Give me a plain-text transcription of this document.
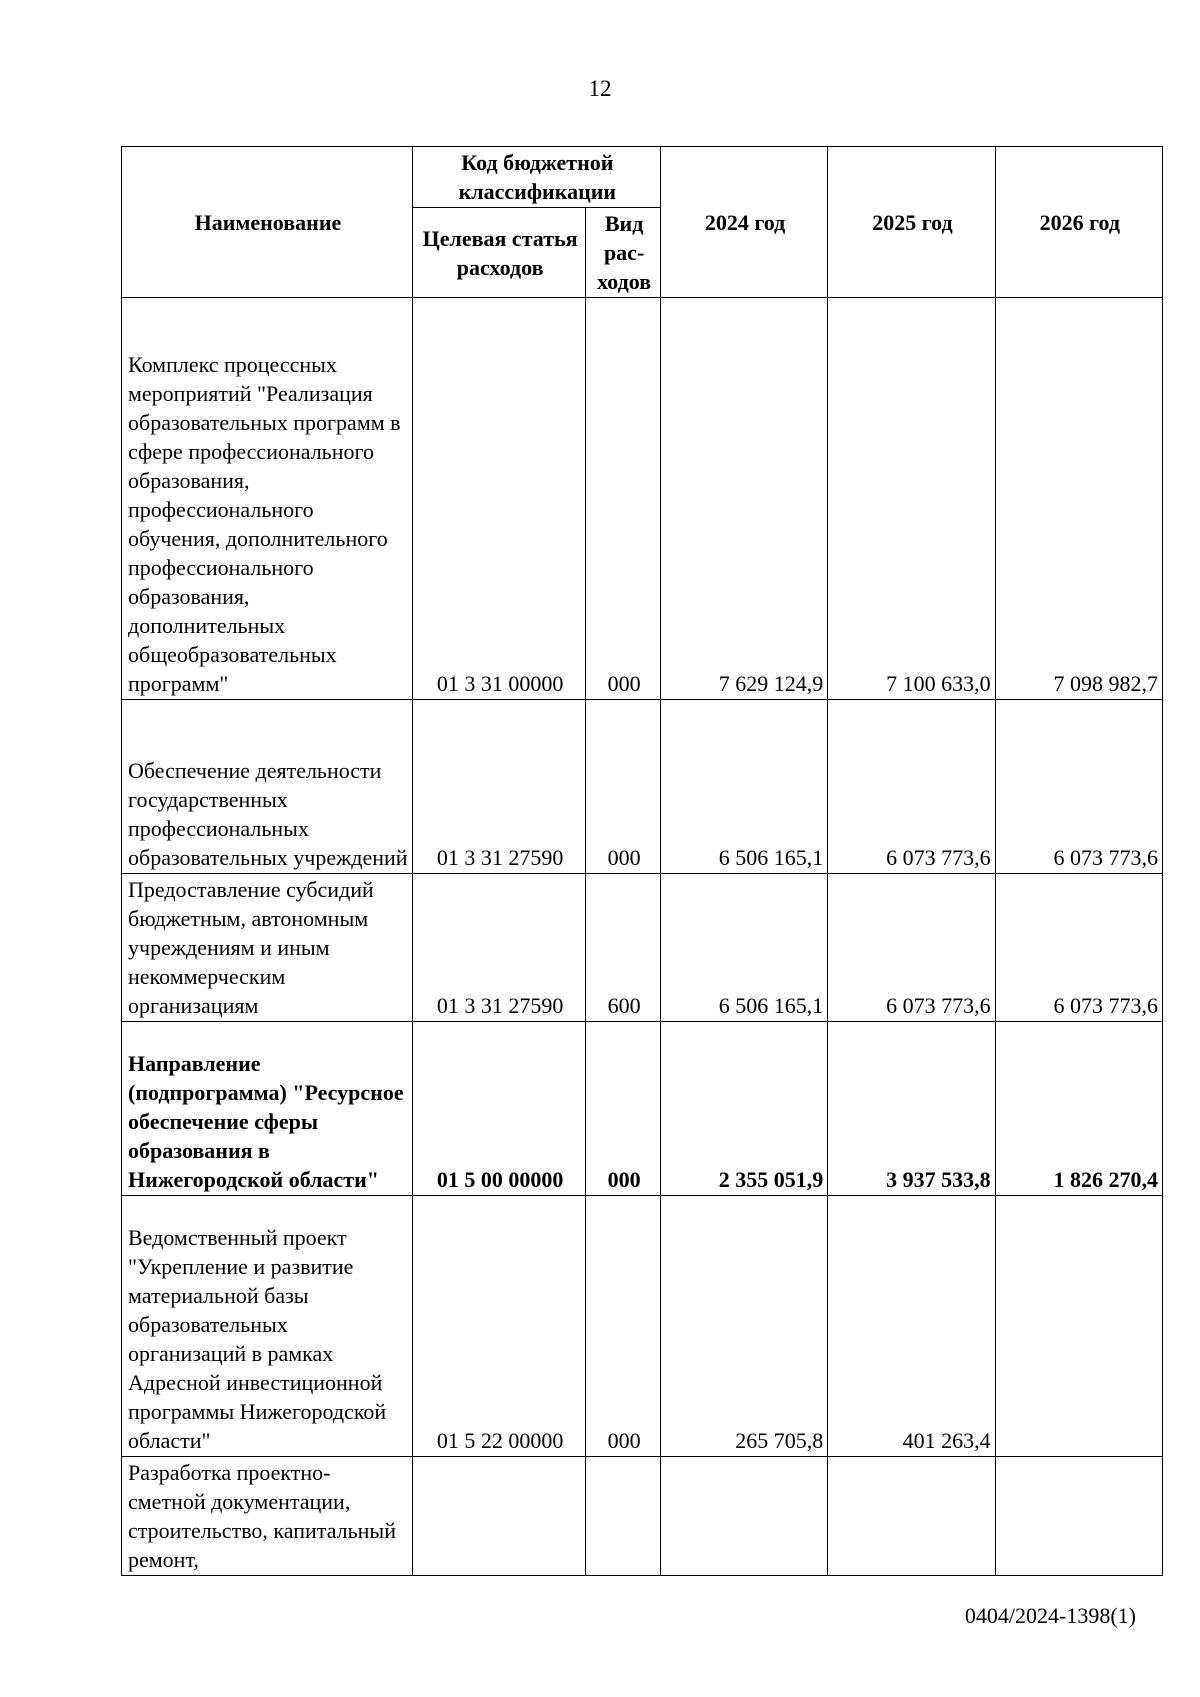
12
Наименование	Код бюджетной классификации		2024 год	2025 год	2026 год
	Целевая статья расходов	Вид рас-ходов			
Комплекс процессных мероприятий "Реализация образовательных программ в сфере профессионального образования, профессионального обучения, дополнительного профессионального образования, дополнительных общеобразовательных программ"	01 3 31 00000	000	7 629 124,9	7 100 633,0	7 098 982,7
Обеспечение деятельности государственных профессиональных образовательных учреждений	01 3 31 27590	000	6 506 165,1	6 073 773,6	6 073 773,6
Предоставление субсидий бюджетным, автономным учреждениям и иным некоммерческим организациям	01 3 31 27590	600	6 506 165,1	6 073 773,6	6 073 773,6
Направление (подпрограмма) "Ресурсное обеспечение сферы образования в Нижегородской области"	01 5 00 00000	000	2 355 051,9	3 937 533,8	1 826 270,4
Ведомственный проект "Укрепление и развитие материальной базы образовательных организаций в рамках Адресной инвестиционной программы Нижегородской области"	01 5 22 00000	000	265 705,8	401 263,4	
Разработка проектно-сметной документации, строительство, капитальный ремонт,					
0404/2024-1398(1)
